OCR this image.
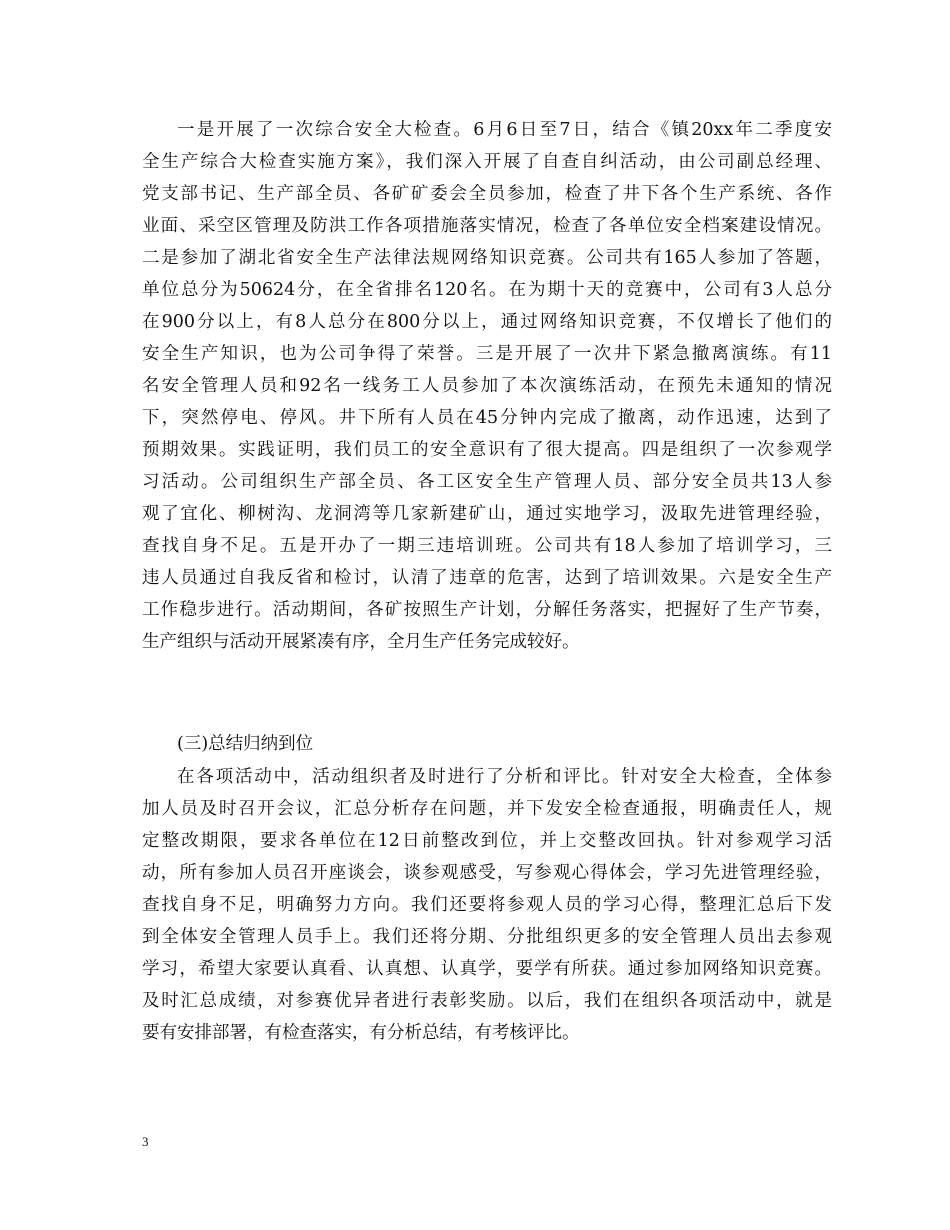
一是开展了一次综合安全大检查。6月6日至7日，结合《镇20xx年二季度安
全生产综合大检查实施方案》，我们深入开展了自查自纠活动，由公司副总经理、
党支部书记、生产部全员、各矿矿委会全员参加，检查了井下各个生产系统、各作
业面、采空区管理及防洪工作各项措施落实情况，检查了各单位安全档案建设情况。
二是参加了湖北省安全生产法律法规网络知识竞赛。公司共有165人参加了答题，
单位总分为50624分，在全省排名120名。在为期十天的竞赛中，公司有3人总分
在900分以上，有8人总分在800分以上，通过网络知识竞赛，不仅增长了他们的
安全生产知识，也为公司争得了荣誉。三是开展了一次井下紧急撤离演练。有11
名安全管理人员和92名一线务工人员参加了本次演练活动，在预先未通知的情况
下，突然停电、停风。井下所有人员在45分钟内完成了撤离，动作迅速，达到了
预期效果。实践证明，我们员工的安全意识有了很大提高。四是组织了一次参观学
习活动。公司组织生产部全员、各工区安全生产管理人员、部分安全员共13人参
观了宜化、柳树沟、龙洞湾等几家新建矿山，通过实地学习，汲取先进管理经验，
查找自身不足。五是开办了一期三违培训班。公司共有18人参加了培训学习，三
违人员通过自我反省和检讨，认清了违章的危害，达到了培训效果。六是安全生产
工作稳步进行。活动期间，各矿按照生产计划，分解任务落实，把握好了生产节奏，
生产组织与活动开展紧凑有序，全月生产任务完成较好。
(三)总结归纳到位
在各项活动中，活动组织者及时进行了分析和评比。针对安全大检查，全体参
加人员及时召开会议，汇总分析存在问题，并下发安全检查通报，明确责任人，规
定整改期限，要求各单位在12日前整改到位，并上交整改回执。针对参观学习活
动，所有参加人员召开座谈会，谈参观感受，写参观心得体会，学习先进管理经验，
查找自身不足，明确努力方向。我们还要将参观人员的学习心得，整理汇总后下发
到全体安全管理人员手上。我们还将分期、分批组织更多的安全管理人员出去参观
学习，希望大家要认真看、认真想、认真学，要学有所获。通过参加网络知识竞赛。
及时汇总成绩，对参赛优异者进行表彰奖励。以后，我们在组织各项活动中，就是
要有安排部署，有检查落实，有分析总结，有考核评比。
3
